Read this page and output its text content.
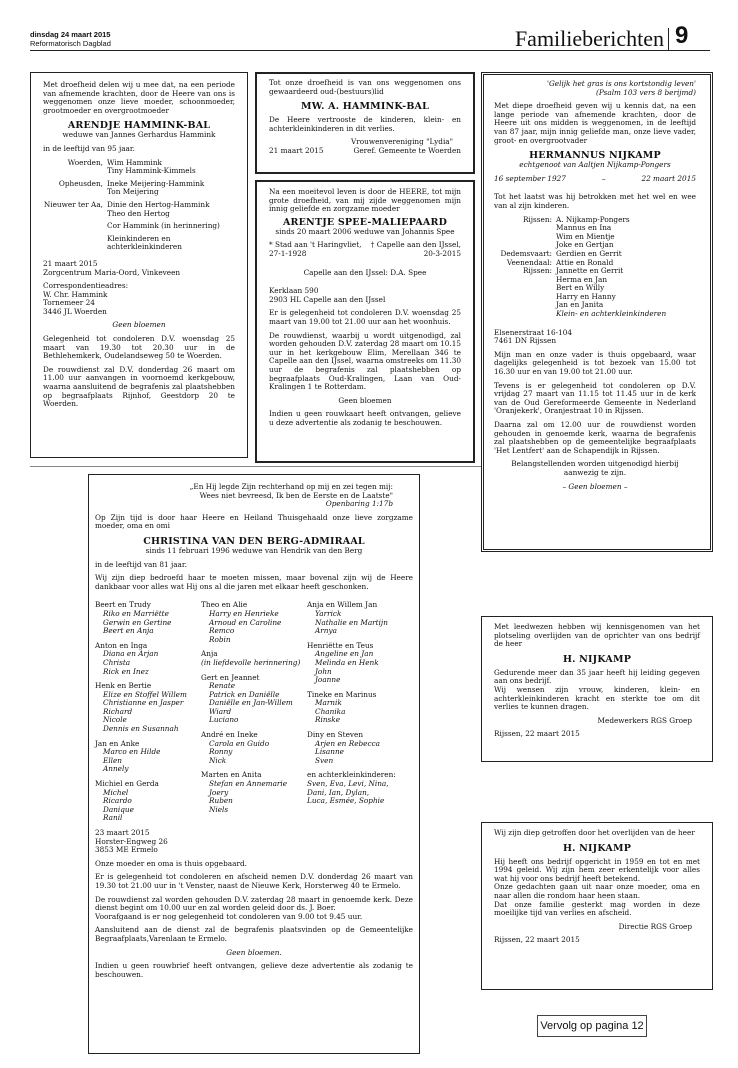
dinsdag 24 maart 2015
Reformatorisch Dagblad	Familieberichten 9

Met droefheid delen wij u mee dat, na een periode van afnemende krachten, door de Heere van ons is weggenomen onze lieve moeder, schoonmoeder, grootmoeder en overgrootmoeder

ARENDJE HAMMINK-BAL

weduwe van Jannes Gerhardus Hammink

in de leeftijd van 95 jaar.

Woerden, Wim Hammink
Tiny Hammink-Kimmels
Opheusden, Ineke Meijering-Hammink
Ton Meijering
Nieuwer ter Aa, Dinie den Hertog-Hammink
Theo den Hertog
Cor Hammink (in herinnering)
Kleinkinderen en
achterkleinkinderen

21 maart 2015
Zorgcentrum Maria-Oord, Vinkeveen

Correspondentieadres:
W. Chr. Hammink
Tornemeer 24
3446 JL Woerden

Geen bloemen

Gelegenheid tot condoleren D.V. woensdag 25 maart van 19.30 tot 20.30 uur in de Bethlehemkerk, Oudelandseweg 50 te Woerden.

De rouwdienst zal D.V. donderdag 26 maart om 11.00 uur aanvangen in voornoemd kerkgebouw, waarna aansluitend de begrafenis zal plaatshebben op begraafplaats Rijnhof, Geestdorp 20 te Woerden.

Tot onze droefheid is van ons weggenomen ons gewaardeerd oud-(bestuurs)lid

MW. A. HAMMINK-BAL

De Heere vertrooste de kinderen, klein- en achterkleinkinderen in dit verlies.

Vrouwenvereniging "Lydia"
21 maart 2015	Geref. Gemeente te Woerden

Na een moeitevol leven is door de HEERE, tot mijn grote droefheid, van mij zijde weggenomen mijn innig geliefde en zorgzame moeder

ARENTJE SPEE-MALIEPAARD

sinds 20 maart 2006 weduwe van Johannis Spee

* Stad aan 't Haringvliet, † Capelle aan den IJssel,
27-1-1928	20-3-2015

Capelle aan den IJssel: D.A. Spee

Kerklaan 590
2903 HL Capelle aan den IJssel

Er is gelegenheid tot condoleren D.V. woensdag 25 maart van 19.00 tot 21.00 uur aan het woonhuis.

De rouwdienst, waarbij u wordt uitgenodigd, zal worden gehouden D.V. zaterdag 28 maart om 10.15 uur in het kerkgebouw Elim, Merellaan 346 te Capelle aan den IJssel, waarna omstreeks om 11.30 uur de begrafenis zal plaatshebben op begraafplaats Oud-Kralingen, Laan van Oud-Kralingen 1 te Rotterdam.

Geen bloemen

Indien u geen rouwkaart heeft ontvangen, gelieve u deze advertentie als zodanig te beschouwen.

'Gelijk het gras is ons kortstondig leven'

(Psalm 103 vers 8 berijmd)

Met diepe droefheid geven wij u kennis dat, na een lange periode van afnemende krachten, door de Heere uit ons midden is weggenomen, in de leeftijd van 87 jaar, mijn innig geliefde man, onze lieve vader, groot- en overgrootvader

HERMANNUS NIJKAMP

echtgenoot van Aaltjen Nijkamp-Pongers

16 september 1927	–	22 maart 2015

Tot het laatst was hij betrokken met het wel en wee van al zijn kinderen.

Rijssen: A. Nijkamp-Pongers
Mannus en Ina
Wim en Mientje
Joke en Gertjan
Dedemsvaart: Gerdien en Gerrit
Veenendaal: Attie en Ronald
Rijssen: Jannette en Gerrit
Herma en Jan
Bert en Willy
Harry en Hanny
Jan en Janita
Klein- en achterkleinkinderen

Elsenerstraat 16-104
7461 DN Rijssen

Mijn man en onze vader is thuis opgebaard, waar dagelijks gelegenheid is tot bezoek van 15.00 tot 16.30 uur en van 19.00 tot 21.00 uur.

Tevens is er gelegenheid tot condoleren op D.V. vrijdag 27 maart van 11.15 tot 11.45 uur in de kerk van de Oud Gereformeerde Gemeente in Nederland 'Oranjekerk', Oranjestraat 10 in Rijssen.

Daarna zal om 12.00 uur de rouwdienst worden gehouden in genoemde kerk, waarna de begrafenis zal plaatshebben op de gemeentelijke begraafplaats 'Het Lentfert' aan de Schapendijk in Rijssen.

Belangstellenden worden uitgenodigd hierbij aanwezig te zijn.

– Geen bloemen –

„En Hij legde Zijn rechterhand op mij en zei tegen mij:
Wees niet bevreesd, Ik ben de Eerste en de Laatste"

Openbaring 1:17b

Op Zijn tijd is door haar Heere en Heiland Thuisgehaald onze lieve zorgzame moeder, oma en omi

CHRISTINA VAN DEN BERG-ADMIRAAL

sinds 11 februari 1996 weduwe van Hendrik van den Berg

in de leeftijd van 81 jaar.

Wij zijn diep bedroefd haar te moeten missen, maar bovenal zijn wij de Heere dankbaar voor alles wat Hij ons al die jaren met elkaar heeft geschonken.

Beert en Trudy
Riko en Marriëtte
Gerwin en Gertine
Beert en Anja
Anton en Inga
Diana en Arjan
Christa
Rick en Inez
Henk en Bertie
Elize en Stoffel Willem
Christianne en Jasper
Richard
Nicole
Dennis en Susannah
Jan en Anke
Marco en Hilde
Ellen
Annely
Michiel en Gerda
Michel
Ricardo
Danique
Ranil
Theo en Alie
Harry en Henrieke
Arnoud en Caroline
Remco
Robin
Anja
(in liefdevolle herinnering)
Gert en Jeannet
Renate
Patrick en Daniëlle
Daniëlle en Jan-Willem
Wiard
Luciano
André en Ineke
Carola en Guido
Ronny
Nick
Marten en Anita
Stefan en Annemarie
Joery
Ruben
Niels
Anja en Willem Jan
Yarrick
Nathalie en Martijn
Arnya
Henriëtte en Teus
Angeline en Jan
Melinda en Henk
John
Joanne
Tineke en Marinus
Marnik
Chanika
Rinske
Diny en Steven
Arjen en Rebecca
Lisanne
Sven
en achterkleinkinderen:
Sven, Eva, Levi, Nina,
Dani, Ian, Dylan,
Luca, Esmée, Sophie

23 maart 2015
Horster-Engweg 26
3853 ME Ermelo

Onze moeder en oma is thuis opgebaard.

Er is gelegenheid tot condoleren en afscheid nemen D.V. donderdag 26 maart van 19.30 tot 21.00 uur in 't Venster, naast de Nieuwe Kerk, Horsterweg 40 te Ermelo.

De rouwdienst zal worden gehouden D.V. zaterdag 28 maart in genoemde kerk. Deze dienst begint om 10.00 uur en zal worden geleid door ds. J. Boer.
Voorafgaand is er nog gelegenheid tot condoleren van 9.00 tot 9.45 uur.

Aansluitend aan de dienst zal de begrafenis plaatsvinden op de Gemeentelijke Begraafplaats,Varenlaan te Ermelo.

Geen bloemen.

Indien u geen rouwbrief heeft ontvangen, gelieve deze advertentie als zodanig te beschouwen.

Met leedwezen hebben wij kennisgenomen van het plotseling overlijden van de oprichter van ons bedrijf de heer

H. NIJKAMP
Gedurende meer dan 35 jaar heeft hij leiding gegeven aan ons bedrijf.

Wij wensen zijn vrouw, kinderen, klein- en achterkleinkinderen kracht en sterkte toe om dit verlies te kunnen dragen.

Medewerkers RGS Groep

Rijssen, 22 maart 2015

Wij zijn diep getroffen door het overlijden van de heer

H. NIJKAMP
Hij heeft ons bedrijf opgericht in 1959 en tot en met 1994 geleid. Wij zijn hem zeer erkentelijk voor alles wat hij voor ons bedrijf heeft betekend.
Onze gedachten gaan uit naar onze moeder, oma en naar allen die rondom haar heen staan.

Dat onze familie gesterkt mag worden in deze moeilijke tijd van verlies en afscheid.

Directie RGS Groep

Rijssen, 22 maart 2015

Vervolg op pagina 12
